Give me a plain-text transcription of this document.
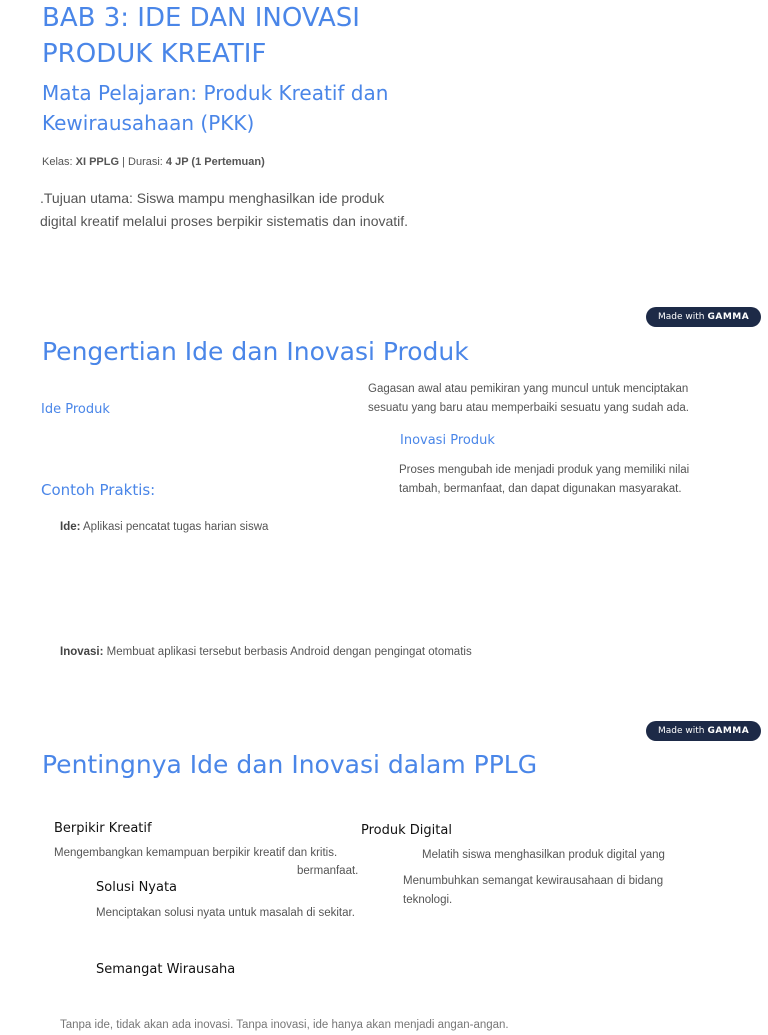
BAB 3: IDE DAN INOVASI
PRODUK KREATIF
Mata Pelajaran: Produk Kreatif dan
Kewirausahaan (PKK)
Kelas: XI PPLG | Durasi: 4 JP (1 Pertemuan)
.Tujuan utama: Siswa mampu menghasilkan ide produk
digital kreatif melalui proses berpikir sistematis dan inovatif.
Made with GAMMA
Pengertian Ide dan Inovasi Produk
Ide Produk
Gagasan awal atau pemikiran yang muncul untuk menciptakan
sesuatu yang baru atau memperbaiki sesuatu yang sudah ada.
Inovasi Produk
Proses mengubah ide menjadi produk yang memiliki nilai
tambah, bermanfaat, dan dapat digunakan masyarakat.
Contoh Praktis:
Ide: Aplikasi pencatat tugas harian siswa
Inovasi: Membuat aplikasi tersebut berbasis Android dengan pengingat otomatis
Made with GAMMA
Pentingnya Ide dan Inovasi dalam PPLG
Berpikir Kreatif
Mengembangkan kemampuan berpikir kreatif dan kritis.
bermanfaat.
Produk Digital
Melatih siswa menghasilkan produk digital yang
Solusi Nyata
Menciptakan solusi nyata untuk masalah di sekitar.
Menumbuhkan semangat kewirausahaan di bidang
teknologi.
Semangat Wirausaha
Tanpa ide, tidak akan ada inovasi. Tanpa inovasi, ide hanya akan menjadi angan-angan.
